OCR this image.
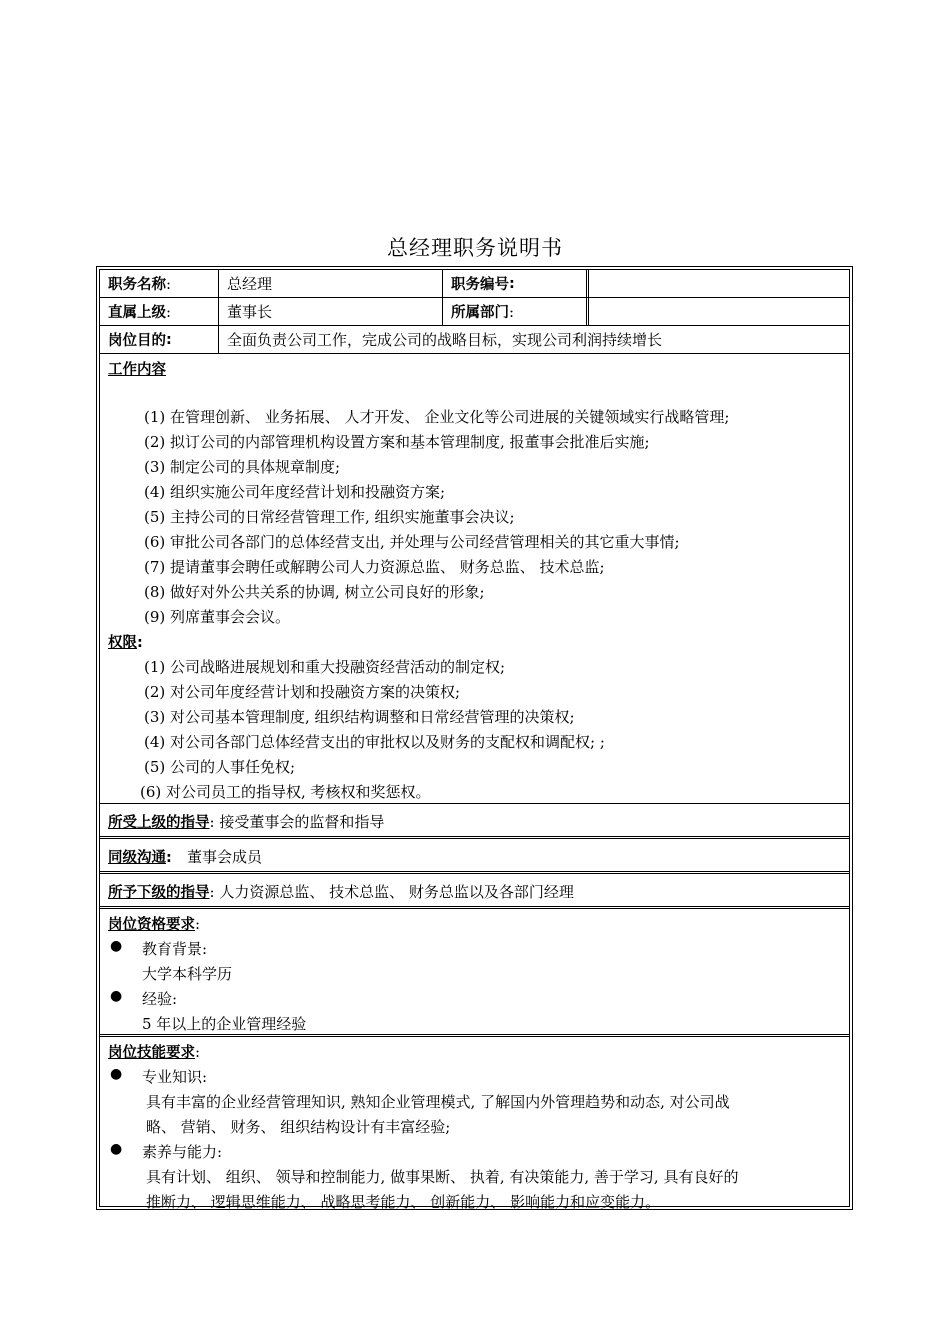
总经理职务说明书
职务名称 :	总经理	职务编号 :
直属上级 :	董事长	所属部门 :
岗位目的 :	全面负责公司工作，完成公司的战略目标，实现公司利润持续增长
工作内容
(1) 在管理创新、 业务拓展、 人才开发、 企业文化等公司进展的关键领域实行战略管理;
(2) 拟订公司的内部管理机构设置方案和基本管理制度, 报董事会批准后实施;
(3) 制定公司的具体规章制度;
(4) 组织实施公司年度经营计划和投融资方案;
(5) 主持公司的日常经营管理工作, 组织实施董事会决议;
(6) 审批公司各部门的总体经营支出, 并处理与公司经营管理相关的其它重大事情;
(7) 提请董事会聘任或解聘公司人力资源总监、 财务总监、 技术总监;
(8) 做好对外公共关系的协调, 树立公司良好的形象;
(9) 列席董事会会议。
权限:
(1) 公司战略进展规划和重大投融资经营活动的制定权;
(2) 对公司年度经营计划和投融资方案的决策权;
(3) 对公司基本管理制度, 组织结构调整和日常经营管理的决策权;
(4) 对公司各部门总体经营支出的审批权以及财务的支配权和调配权; ;
(5) 公司的人事任免权;
(6) 对公司员工的指导权, 考核权和奖惩权。
所受上级的指导: 接受董事会的监督和指导
同级沟通:   董事会成员
所予下级的指导: 人力资源总监、 技术总监、 财务总监以及各部门经理
岗位资格要求:
● 教育背景:
大学本科学历
● 经验:
5 年以上的企业管理经验
岗位技能要求:
● 专业知识:
具有丰富的企业经营管理知识, 熟知企业管理模式, 了解国内外管理趋势和动态, 对公司战
略、 营销、 财务、 组织结构设计有丰富经验;
● 素养与能力:
具有计划、 组织、 领导和控制能力, 做事果断、 执着, 有决策能力, 善于学习, 具有良好的
推断力、 逻辑思维能力、 战略思考能力、 创新能力、 影响能力和应变能力。
